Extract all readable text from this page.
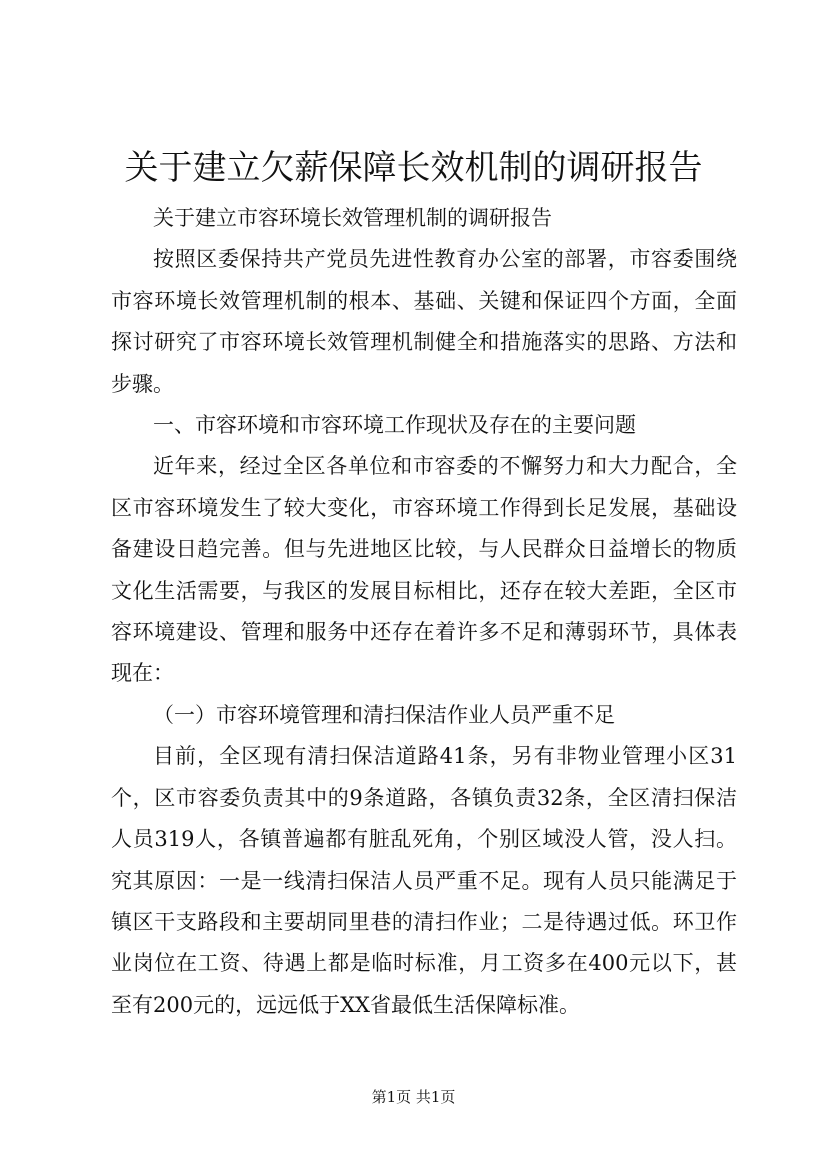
关于建立欠薪保障长效机制的调研报告

关于建立市容环境长效管理机制的调研报告

按照区委保持共产党员先进性教育办公室的部署，市容委围绕市容环境长效管理机制的根本、基础、关键和保证四个方面，全面探讨研究了市容环境长效管理机制健全和措施落实的思路、方法和步骤。

一、市容环境和市容环境工作现状及存在的主要问题

近年来，经过全区各单位和市容委的不懈努力和大力配合，全区市容环境发生了较大变化，市容环境工作得到长足发展，基础设备建设日趋完善。但与先进地区比较，与人民群众日益增长的物质文化生活需要，与我区的发展目标相比，还存在较大差距，全区市容环境建设、管理和服务中还存在着许多不足和薄弱环节，具体表现在：

（一）市容环境管理和清扫保洁作业人员严重不足

目前，全区现有清扫保洁道路41条，另有非物业管理小区31个，区市容委负责其中的9条道路，各镇负责32条，全区清扫保洁人员319人，各镇普遍都有脏乱死角，个别区域没人管，没人扫。究其原因：一是一线清扫保洁人员严重不足。现有人员只能满足于镇区干支路段和主要胡同里巷的清扫作业；二是待遇过低。环卫作业岗位在工资、待遇上都是临时标准，月工资多在400元以下，甚至有200元的，远远低于XX省最低生活保障标准。

第1页 共1页
